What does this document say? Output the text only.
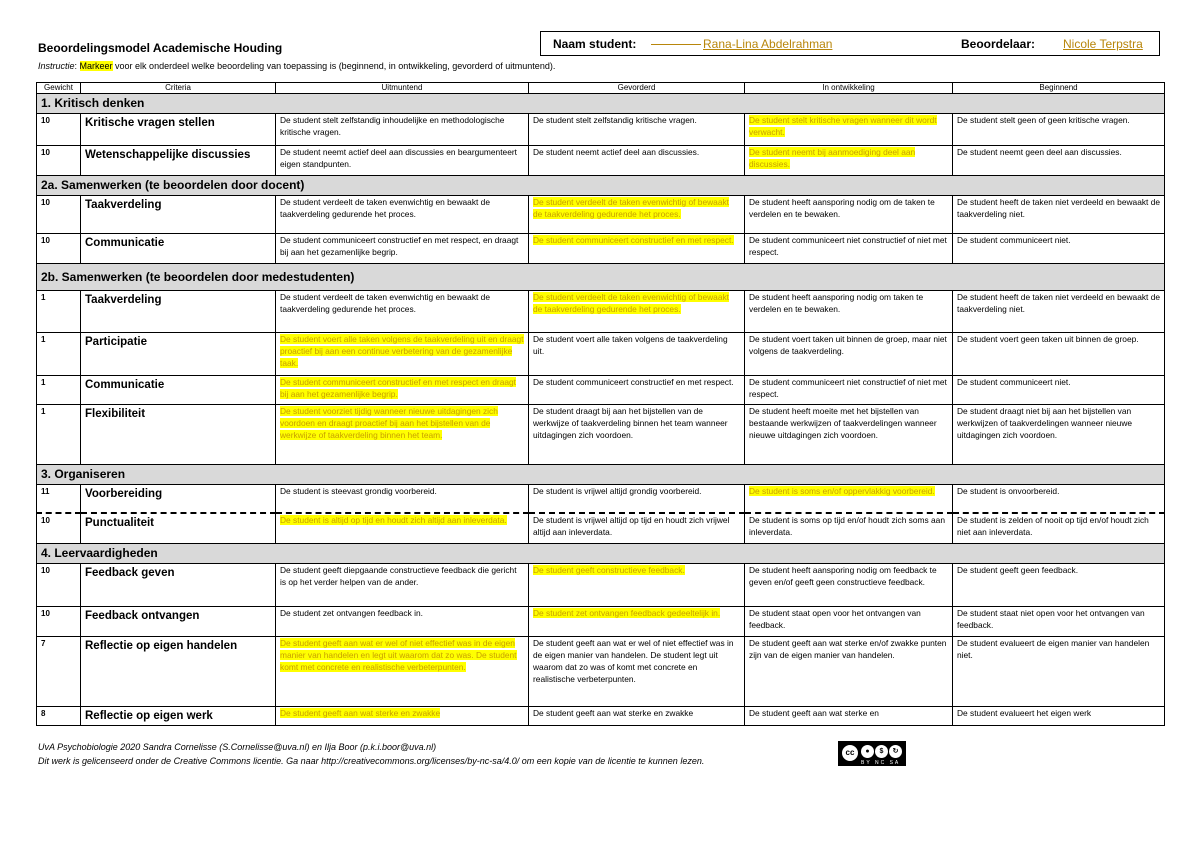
Beoordelingsmodel Academische Houding
Instructie: Markeer voor elk onderdeel welke beoordeling van toepassing is (beginnend, in ontwikkeling, gevorderd of uitmuntend).
Naam student:	Rana-Lina Abdelrahman	Beoordelaar: Nicole Terpstra
Gewicht	Criteria	Uitmuntend	Gevorderd	In ontwikkeling	Beginnend
1. Kritisch denken					
10	Kritische vragen stellen	De student stelt zelfstandig inhoudelijke en methodologische kritische vragen.	De student stelt zelfstandig kritische vragen.	De student stelt kritische vragen wanneer dit wordt verwacht.	De student stelt geen of geen kritische vragen.
10	Wetenschappelijke discussies	De student neemt actief deel aan discussies en beargumenteert eigen standpunten.	De student neemt actief deel aan discussies.	De student neemt bij aanmoediging deel aan discussies.	De student neemt geen deel aan discussies.
2a. Samenwerken (te beoordelen door docent)					
10	Taakverdeling	De student verdeelt de taken evenwichtig en bewaakt de taakverdeling gedurende het proces.	De student verdeelt de taken evenwichtig of bewaakt de taakverdeling gedurende het proces.	De student heeft aansporing nodig om de taken te verdelen en te bewaken.	De student heeft de taken niet verdeeld en bewaakt de taakverdeling niet.
10	Communicatie	De student communiceert constructief en met respect, en draagt bij aan het gezamenlijke begrip.	De student communiceert constructief en met respect.	De student communiceert niet constructief of niet met respect.	De student communiceert niet.
2b. Samenwerken (te beoordelen door medestudenten)					
1	Taakverdeling	De student verdeelt de taken evenwichtig en bewaakt de taakverdeling gedurende het proces.	De student verdeelt de taken evenwichtig of bewaakt de taakverdeling gedurende het proces.	De student heeft aansporing nodig om taken te verdelen en te bewaken.	De student heeft de taken niet verdeeld en bewaakt de taakverdeling niet.
1	Participatie	De student voert alle taken volgens de taakverdeling uit en draagt proactief bij aan een continue verbetering van de gezamenlijke taak.	De student voert alle taken volgens de taakverdeling uit.	De student voert taken uit binnen de groep, maar niet volgens de taakverdeling.	De student voert geen taken uit binnen de groep.
1	Communicatie	De student communiceert constructief en met respect en draagt bij aan het gezamenlijke begrip.	De student communiceert constructief en met respect.	De student communiceert niet constructief of niet met respect.	De student communiceert niet.
1	Flexibiliteit	De student voorziet tijdig wanneer nieuwe uitdagingen zich voordoen en draagt proactief bij aan het bijstellen van de werkwijze of taakverdeling binnen het team.	De student draagt bij aan het bijstellen van de werkwijze of taakverdeling binnen het team wanneer uitdagingen zich voordoen.	De student heeft moeite met het bijstellen van bestaande werkwijzen of taakverdelingen wanneer nieuwe uitdagingen zich voordoen.	De student draagt niet bij aan het bijstellen van werkwijzen of taakverdelingen wanneer nieuwe uitdagingen zich voordoen.
3. Organiseren					
11	Voorbereiding	De student is steevast grondig voorbereid.	De student is vrijwel altijd grondig voorbereid.	De student is soms en/of oppervlakkig voorbereid.	De student is onvoorbereid.
10	Punctualiteit	De student is altijd op tijd en houdt zich altijd aan inleverdata.	De student is vrijwel altijd op tijd en houdt zich vrijwel altijd aan inleverdata.	De student is soms op tijd en/of houdt zich soms aan inleverdata.	De student is zelden of nooit op tijd en/of houdt zich niet aan inleverdata.
4. Leervaardigheden					
10	Feedback geven	De student geeft diepgaande constructieve feedback die gericht is op het verder helpen van de ander.	De student geeft constructieve feedback.	De student heeft aansporing nodig om feedback te geven en/of geeft geen constructieve feedback.	De student geeft geen feedback.
10	Feedback ontvangen	De student zet ontvangen feedback in.	De student zet ontvangen feedback gedeeltelijk in.	De student staat open voor het ontvangen van feedback.	De student staat niet open voor het ontvangen van feedback.
7	Reflectie op eigen handelen	De student geeft aan wat er wel of niet effectief was in de eigen manier van handelen en legt uit waarom dat zo was. De student komt met concrete en realistische verbeterpunten.	De student geeft aan wat er wel of niet effectief was in de eigen manier van handelen. De student legt uit waarom dat zo was of komt met concrete en realistische verbeterpunten.	De student geeft aan wat sterke en/of zwakke punten zijn van de eigen manier van handelen.	De student evalueert de eigen manier van handelen niet.
8	Reflectie op eigen werk	De student geeft aan wat sterke en zwakke	De student geeft aan wat sterke en zwakke	De student geeft aan wat sterke en	De student evalueert het eigen werk
UvA Psychobiologie 2020 Sandra Cornelisse (S.Cornelisse@uva.nl) en Ilja Boor (p.k.i.boor@uva.nl)
Dit werk is gelicenseerd onder de Creative Commons licentie. Ga naar http://creativecommons.org/licenses/by-nc-sa/4.0/ om een kopie van de licentie te kunnen lezen.
cc	●	$	↻
BY NC SA
